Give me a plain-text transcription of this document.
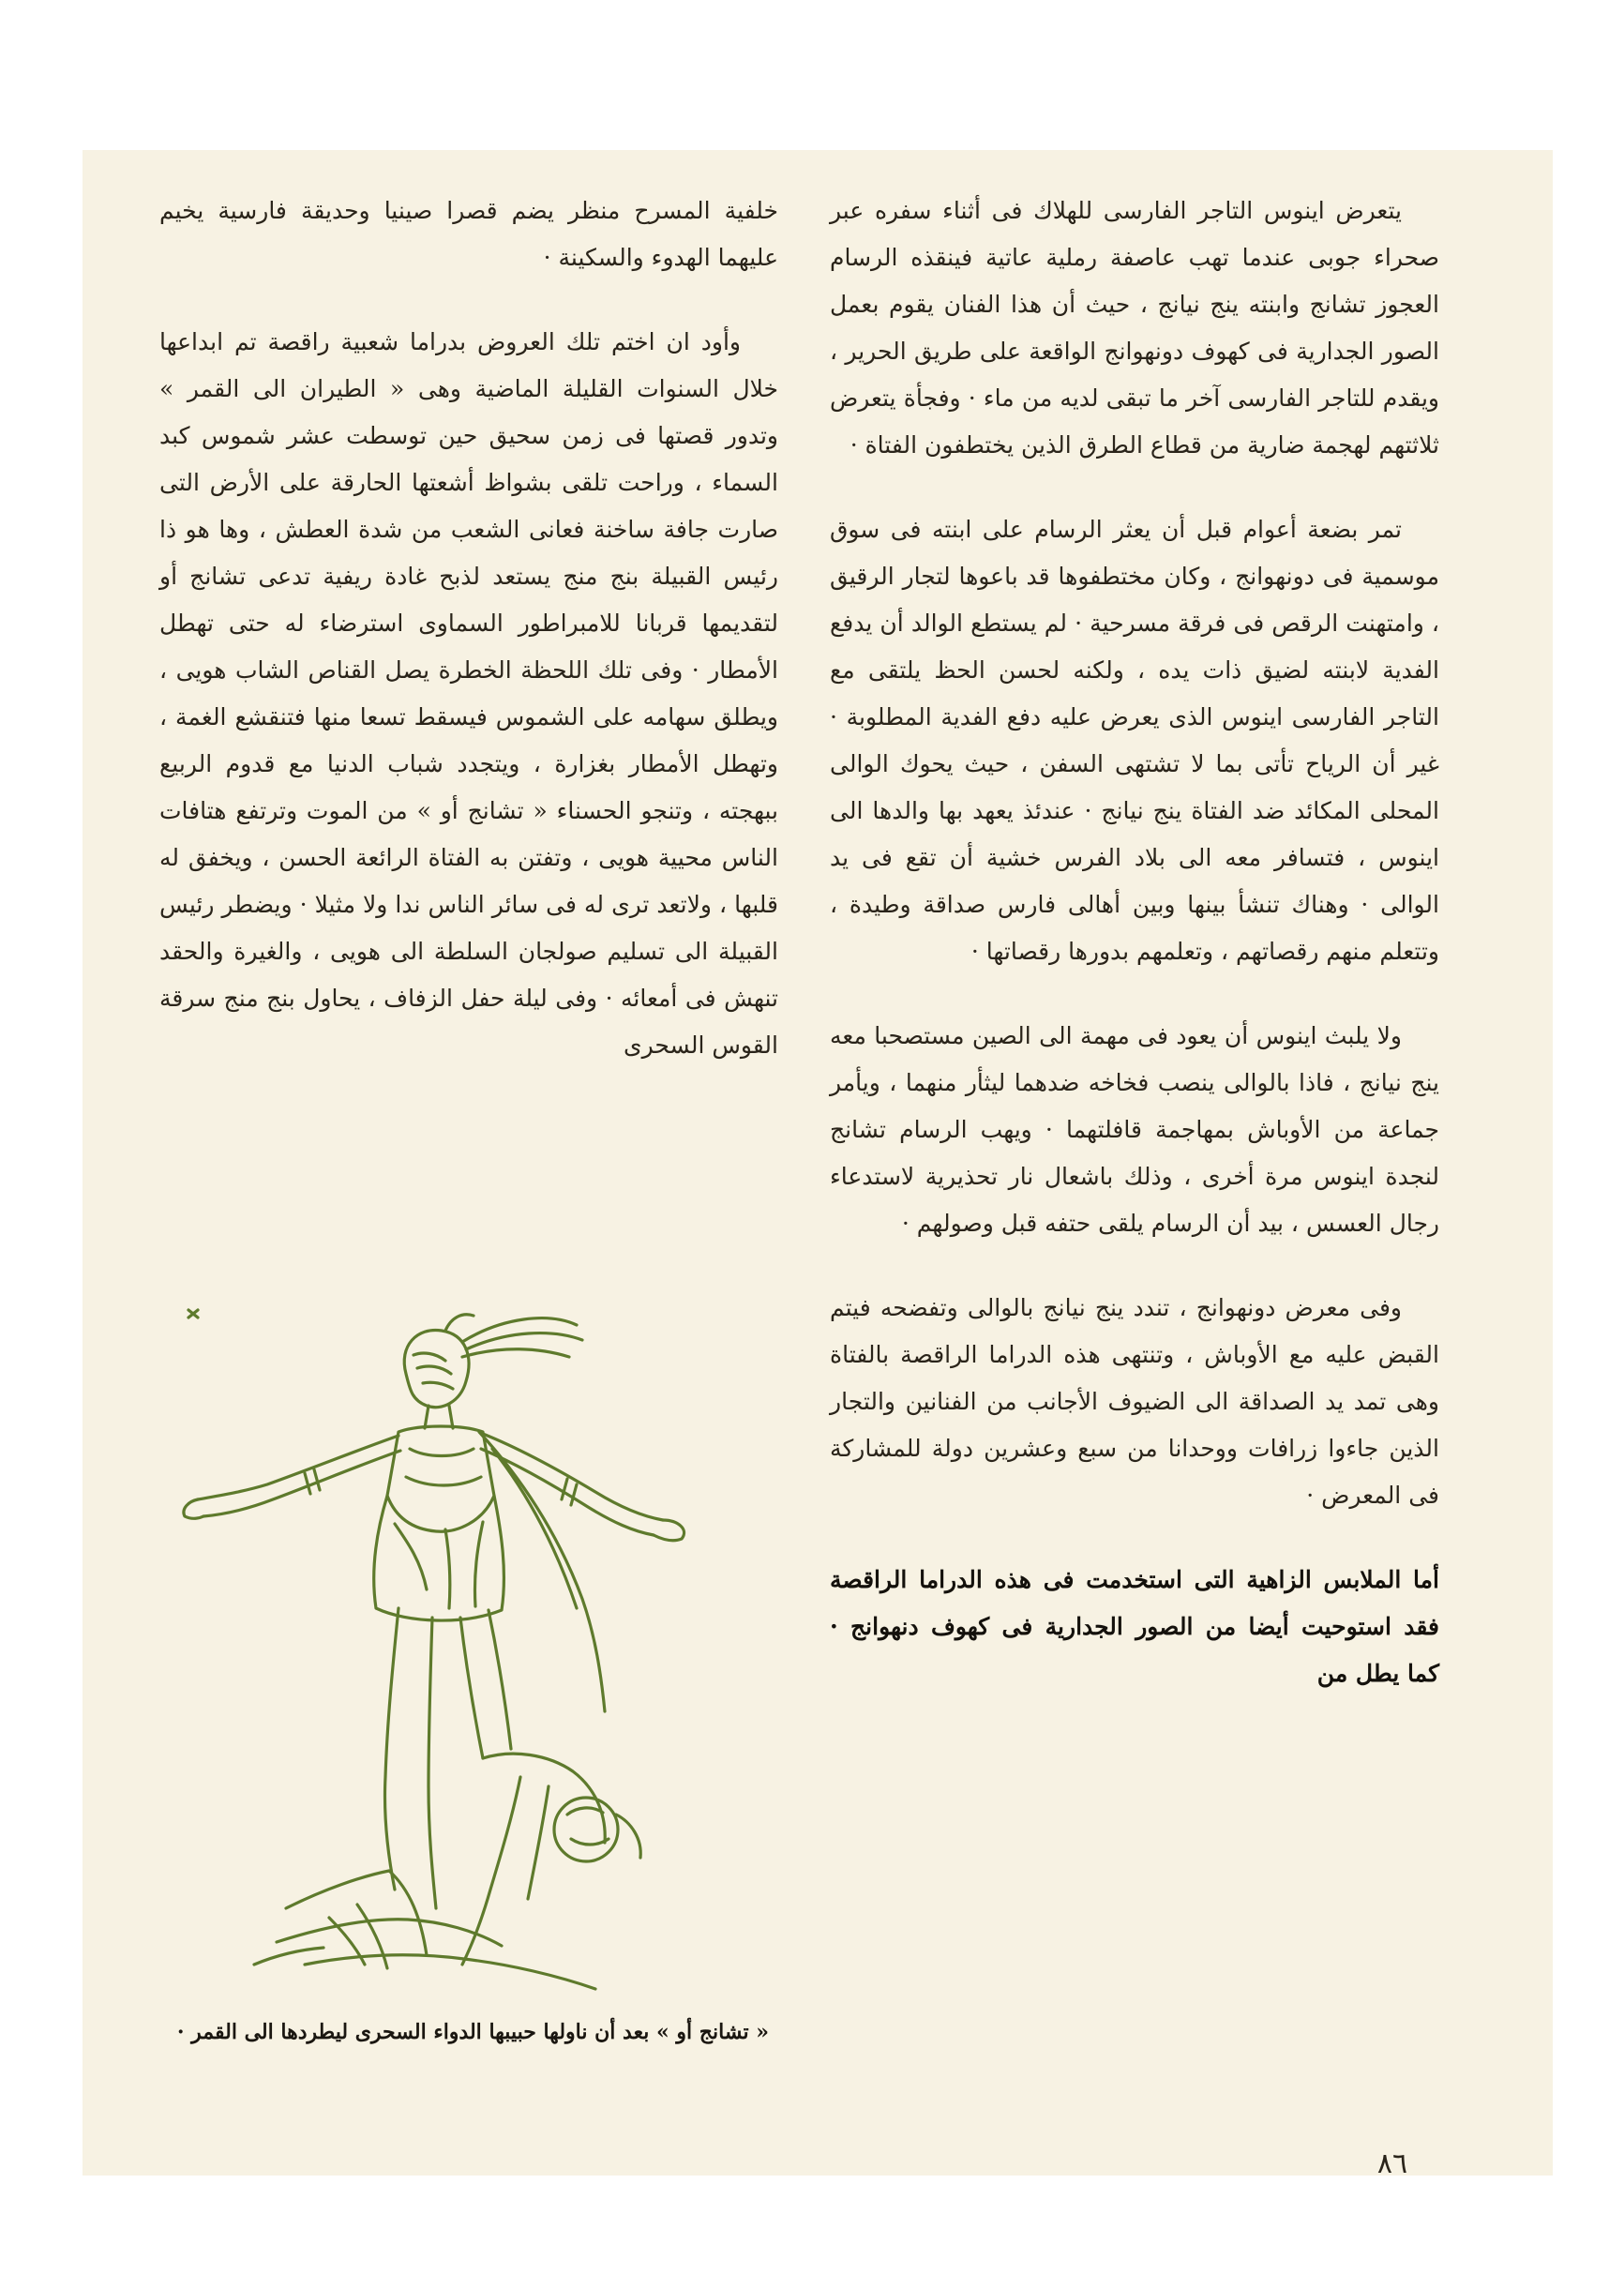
يتعرض اينوس التاجر الفارسى للهلاك فى أثناء سفره عبر صحراء جوبى عندما تهب عاصفة رملية عاتية فينقذه الرسام العجوز تشانج وابنته ينج نيانج ، حيث أن هذا الفنان يقوم بعمل الصور الجدارية فى كهوف دونهوانج الواقعة على طريق الحرير ، ويقدم للتاجر الفارسى آخر ما تبقى لديه من ماء · وفجأة يتعرض ثلاثتهم لهجمة ضارية من قطاع الطرق الذين يختطفون الفتاة ·

تمر بضعة أعوام قبل أن يعثر الرسام على ابنته فى سوق موسمية فى دونهوانج ، وكان مختطفوها قد باعوها لتجار الرقيق ، وامتهنت الرقص فى فرقة مسرحية · لم يستطع الوالد أن يدفع الفدية لابنته لضيق ذات يده ، ولكنه لحسن الحظ يلتقى مع التاجر الفارسى اينوس الذى يعرض عليه دفع الفدية المطلوبة · غير أن الرياح تأتى بما لا تشتهى السفن ، حيث يحوك الوالى المحلى المكائد ضد الفتاة ينج نيانج · عندئذ يعهد بها والدها الى اينوس ، فتسافر معه الى بلاد الفرس خشية أن تقع فى يد الوالى · وهناك تنشأ بينها وبين أهالى فارس صداقة وطيدة ، وتتعلم منهم رقصاتهم ، وتعلمهم بدورها رقصاتها ·

ولا يلبث اينوس أن يعود فى مهمة الى الصين مستصحبا معه ينج نيانج ، فاذا بالوالى ينصب فخاخه ضدهما ليثأر منهما ، ويأمر جماعة من الأوباش بمهاجمة قافلتهما · ويهب الرسام تشانج لنجدة اينوس مرة أخرى ، وذلك باشعال نار تحذيرية لاستدعاء رجال العسس ، بيد أن الرسام يلقى حتفه قبل وصولهم ·

وفى معرض دونهوانج ، تندد ينج نيانج بالوالى وتفضحه فيتم القبض عليه مع الأوباش ، وتنتهى هذه الدراما الراقصة بالفتاة وهى تمد يد الصداقة الى الضيوف الأجانب من الفنانين والتجار الذين جاءوا زرافات ووحدانا من سبع وعشرين دولة للمشاركة فى المعرض ·

أما الملابس الزاهية التى استخدمت فى هذه الدراما الراقصة فقد استوحيت أيضا من الصور الجدارية فى كهوف دنهوانج · كما يطل من

خلفية المسرح منظر يضم قصرا صينيا وحديقة فارسية يخيم عليهما الهدوء والسكينة ·

وأود ان اختم تلك العروض بدراما شعبية راقصة تم ابداعها خلال السنوات القليلة الماضية وهى « الطيران الى القمر » وتدور قصتها فى زمن سحيق حين توسطت عشر شموس كبد السماء ، وراحت تلقى بشواظ أشعتها الحارقة على الأرض التى صارت جافة ساخنة فعانى الشعب من شدة العطش ، وها هو ذا رئيس القبيلة بنج منج يستعد لذبح غادة ريفية تدعى تشانج أو لتقديمها قربانا للامبراطور السماوى استرضاء له حتى تهطل الأمطار · وفى تلك اللحظة الخطرة يصل القناص الشاب هويى ، ويطلق سهامه على الشموس فيسقط تسعا منها فتنقشع الغمة ، وتهطل الأمطار بغزارة ، ويتجدد شباب الدنيا مع قدوم الربيع ببهجته ، وتنجو الحسناء « تشانج أو » من الموت وترتفع هتافات الناس محيية هويى ، وتفتن به الفتاة الرائعة الحسن ، ويخفق له قلبها ، ولاتعد ترى له فى سائر الناس ندا ولا مثيلا · ويضطر رئيس القبيلة الى تسليم صولجان السلطة الى هويى ، والغيرة والحقد تنهش فى أمعائه · وفى ليلة حفل الزفاف ، يحاول بنج منج سرقة القوس السحرى

« تشانج أو » بعد أن ناولها حبيبها الدواء السحرى ليطردها الى القمر ·
٨٦
